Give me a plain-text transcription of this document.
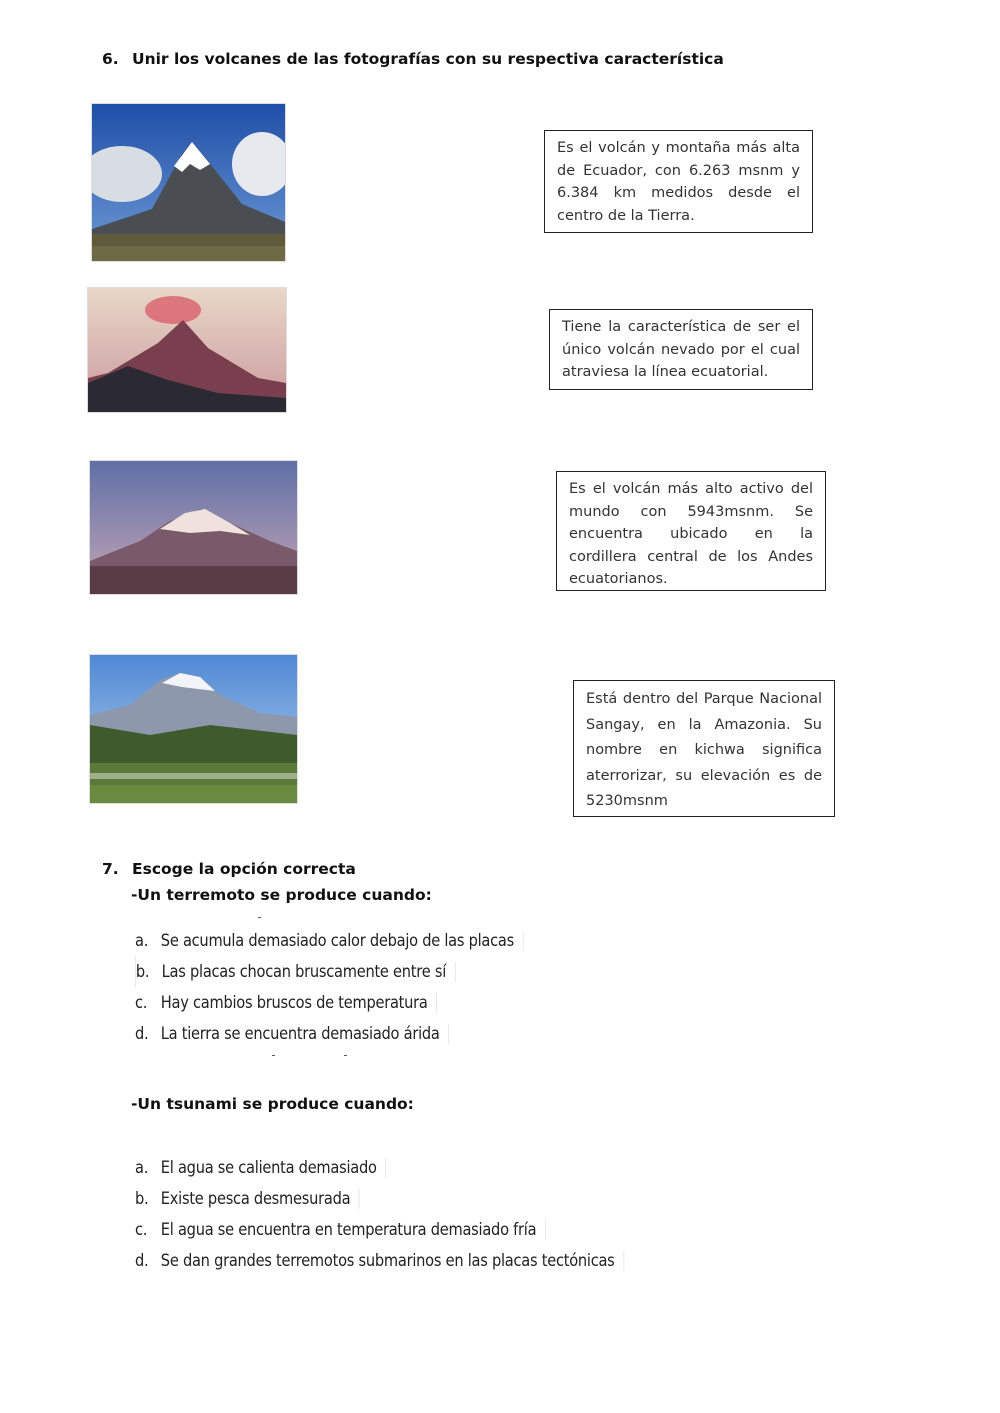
6. Unir los volcanes de las fotografías con su respectiva característica
Es el volcán y montaña más alta de Ecuador, con 6.263 msnm y 6.384 km medidos desde el centro de la Tierra.
Tiene la característica de ser el único volcán nevado por el cual atraviesa la línea ecuatorial.
Es el volcán más alto activo del mundo con 5943msnm. Se encuentra ubicado en la cordillera central de los Andes ecuatorianos.
Está dentro del Parque Nacional Sangay, en la Amazonia. Su nombre en kichwa significa aterrorizar, su elevación es de 5230msnm
7. Escoge la opción correcta
-Un terremoto se produce cuando:
a. Se acumula demasiado calor debajo de las placas
b. Las placas chocan bruscamente entre sí
c. Hay cambios bruscos de temperatura
d. La tierra se encuentra demasiado árida
-Un tsunami se produce cuando:
a. El agua se calienta demasiado
b. Existe pesca desmesurada
c. El agua se encuentra en temperatura demasiado fría
d. Se dan grandes terremotos submarinos en las placas tectónicas
